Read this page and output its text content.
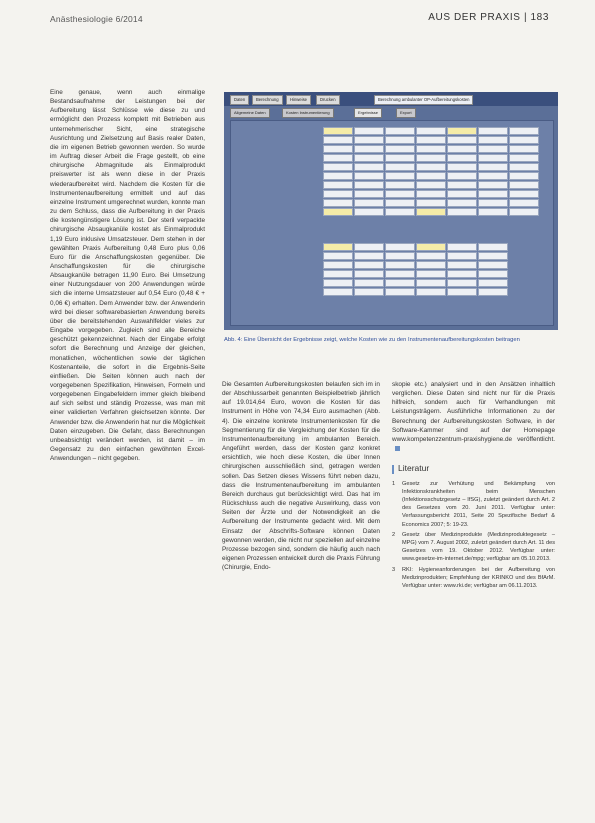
Anästhesiologie 6/2014	AUS DER PRAXIS | 183
Daten	Berechnung	Hinweise	Drucken	Berechnung ambulanter OP-Aufbereitungskosten
Allgemeine Daten	Kosten Instrumentierung	Ergebnisse	Export
Abb. 4: Eine Übersicht der Ergebnisse zeigt, welche Kosten wie zu den Instrumentenaufbereitungskosten beitragen

Eine genaue, wenn auch einmalige Bestandsaufnahme der Leistungen bei der Aufbereitung lässt Schlüsse wie diese zu und ermöglicht den Prozess komplett mit Betrieben aus unternehmerischer Sicht, eine strategische Ausrichtung und Zielsetzung auf Basis realer Daten, die im eigenen Betrieb gewonnen werden. So wurde im Auftrag dieser Arbeit die Frage gestellt, ob eine chirurgische Abmagnitude als Einmalprodukt preiswerter ist als wenn diese in der Praxis wiederaufbereitet wird. Nachdem die Kosten für die Instrumentenaufbereitung ermittelt und auf das einzelne Instrument umgerechnet wurden, konnte man zu dem Schluss, dass die Aufbereitung in der Praxis die kostengünstigere Lösung ist. Der steril verpackte chirurgische Absaugkanüle kostet als Einmalprodukt 1,19 Euro inklusive Umsatzsteuer. Dem stehen in der gewählten Praxis Aufbereitung 0,48 Euro plus 0,06 Euro für die Anschaffungskosten gegenüber. Die Anschaffungskosten für die chirurgische Absaugkanüle betragen 11,90 Euro. Bei Umsetzung einer Nutzungsdauer von 200 Anwendungen würde sich die interne Umsatzsteuer auf 0,54 Euro (0,48 € + 0,06 €) erhalten. Dem Anwender bzw. der Anwenderin wird bei dieser softwarebasierten Anwendung bereits über die bereitstehenden Auswahlfelder vieles zur Eingabe vorgegeben. Zugleich sind alle Bereiche geschützt gekennzeichnet. Nach der Eingabe erfolgt sofort die Berechnung und Anzeige der gleichen, monatlichen, wöchentlichen sowie der täglichen Kostenanteile, die sofort in die Ergebnis-Seite einfließen. Die Seiten können auch nach der vorgegebenen Spezifikation, Hinweisen, Formeln und vorgegebenen Eingabefeldern immer gleich bleibend auf sich selbst und ständig Prozesse, was man mit einer validierten Verfahren gleichsetzen könnte. Der Anwender bzw. die Anwenderin hat nur die Möglichkeit Daten einzugeben. Die Gefahr, dass Berechnungen unbeabsichtigt verändert werden, ist damit – im Gegensatz zu den einfachen gewöhnten Excel-Anwendungen – nicht gegeben.

Die Gesamten Aufbereitungskosten belaufen sich im in der Abschlussarbeit genannten Beispielbetrieb jährlich auf 19.014,64 Euro, wovon die Kosten für das Instrument in Höhe von 74,34 Euro ausmachen (Abb. 4). Die einzelne konkrete Instrumentenkosten für die Segmentierung für die Vergleichung der Kosten für die Instrumentenaufbereitung im ambulanten Bereich. Angeführt werden, dass der Kosten ganz konkret ersichtlich, wie hoch diese Kosten, die über Innen chirurgischen ausschließlich sind, getragen werden sollen. Das Setzen dieses Wissens führt neben dazu, dass die Instrumentenaufbereitung im ambulanten Bereich durchaus gut berücksichtigt wird. Das hat im Rückschluss auch die negative Auswirkung, dass von Seiten der Ärzte und der Notwendigkeit an die Aufbereitung der Instrumente gedacht wird. Mit dem Einsatz der Abschrifts-Software können Daten gewonnen werden, die nicht nur speziellen auf einzelne Prozesse bezogen sind, sondern die häufig auch nach eigenen Prozessen entwickelt durch die Praxis Führung (Chirurgie, Endo-

skopie etc.) analysiert und in den Ansätzen inhaltlich verglichen. Diese Daten sind nicht nur für die Praxis hilfreich, sondern auch für Verhandlungen mit Leistungsträgern. Ausführliche Informationen zu der Berechnung der Aufbereitungskosten Software, in der Software-Kammer sind auf der Homepage www.kompetenzzentrum-praxishygiene.de veröffentlicht.

Literatur
1 Gesetz zur Verhütung und Bekämpfung von Infektionskrankheiten beim Menschen (Infektionsschutzgesetz – IfSG), zuletzt geändert durch Art. 2 des Gesetzes vom 20. Juni 2011. Verfügbar unter: Verfassungsbericht 2011, Seite 20 Spezifische Bedarf & Economics 2007; 5: 19-23.
2 Gesetz über Medizinprodukte (Medizinproduktegesetz – MPG) vom 7. August 2002, zuletzt geändert durch Art. 11 des Gesetzes vom 19. Oktober 2012. Verfügbar unter: www.gesetze-im-internet.de/mpg; verfügbar am 05.10.2013.
3 RKI: Hygieneanforderungen bei der Aufbereitung von Medizinprodukten; Empfehlung der KRINKO und des BfArM. Verfügbar unter: www.rki.de; verfügbar am 06.11.2013.
